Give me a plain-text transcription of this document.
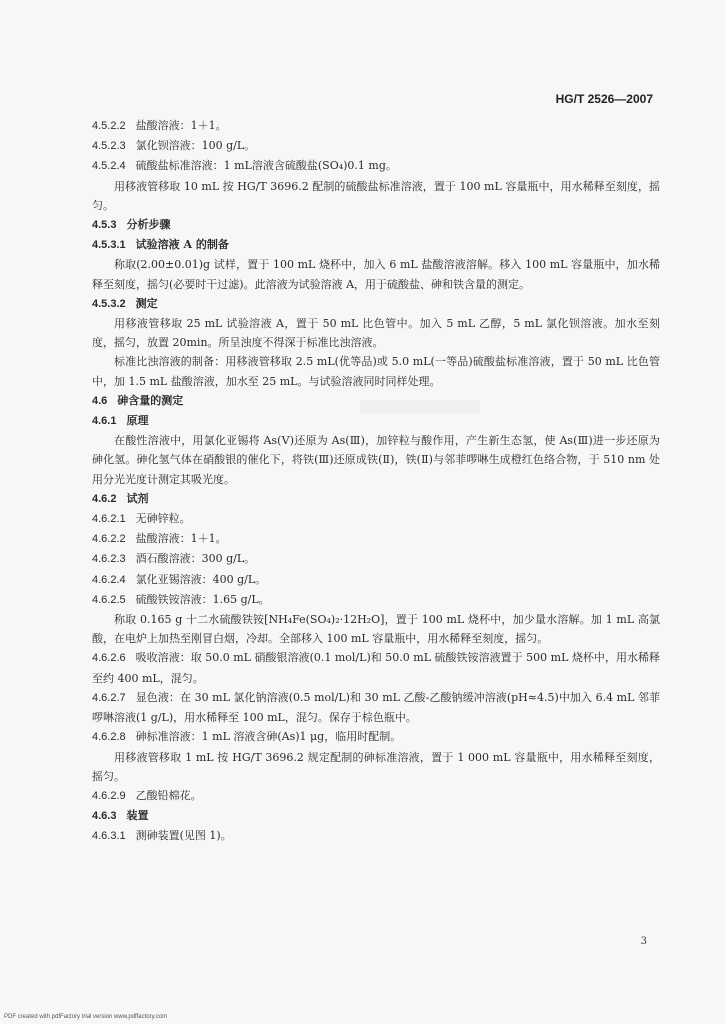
HG/T 2526—2007
4.5.2.2 盐酸溶液：1＋1。
4.5.2.3 氯化钡溶液：100 g/L。
4.5.2.4 硫酸盐标准溶液：1 mL溶液含硫酸盐(SO₄)0.1 mg。
用移液管移取 10 mL 按 HG/T 3696.2 配制的硫酸盐标准溶液，置于 100 mL 容量瓶中，用水稀释至刻度，摇匀。
4.5.3 分析步骤
4.5.3.1 试验溶液 A 的制备
称取(2.00±0.01)g 试样，置于 100 mL 烧杯中，加入 6 mL 盐酸溶液溶解。移入 100 mL 容量瓶中，加水稀释至刻度，摇匀(必要时干过滤)。此溶液为试验溶液 A，用于硫酸盐、砷和铁含量的测定。
4.5.3.2 测定
用移液管移取 25 mL 试验溶液 A，置于 50 mL 比色管中。加入 5 mL 乙醇，5 mL 氯化钡溶液。加水至刻度，摇匀，放置 20min。所呈浊度不得深于标准比浊溶液。
标准比浊溶液的制备：用移液管移取 2.5 mL(优等品)或 5.0 mL(一等品)硫酸盐标准溶液，置于 50 mL 比色管中，加 1.5 mL 盐酸溶液，加水至 25 mL。与试验溶液同时同样处理。
4.6 砷含量的测定
4.6.1 原理
在酸性溶液中，用氯化亚锡将 As(Ⅴ)还原为 As(Ⅲ)，加锌粒与酸作用，产生新生态氢，使 As(Ⅲ)进一步还原为砷化氢。砷化氢气体在硝酸银的催化下，将铁(Ⅲ)还原成铁(Ⅱ)，铁(Ⅱ)与邻菲啰啉生成橙红色络合物，于 510 nm 处用分光光度计测定其吸光度。
4.6.2 试剂
4.6.2.1 无砷锌粒。
4.6.2.2 盐酸溶液：1＋1。
4.6.2.3 酒石酸溶液：300 g/L。
4.6.2.4 氯化亚锡溶液：400 g/L。
4.6.2.5 硫酸铁铵溶液：1.65 g/L。
称取 0.165 g 十二水硫酸铁铵[NH₄Fe(SO₄)₂·12H₂O]，置于 100 mL 烧杯中，加少量水溶解。加 1 mL 高氯酸，在电炉上加热至刚冒白烟，冷却。全部移入 100 mL 容量瓶中，用水稀释至刻度，摇匀。
4.6.2.6 吸收溶液：取 50.0 mL 硝酸银溶液(0.1 mol/L)和 50.0 mL 硫酸铁铵溶液置于 500 mL 烧杯中，用水稀释至约 400 mL，混匀。
4.6.2.7 显色液：在 30 mL 氯化钠溶液(0.5 mol/L)和 30 mL 乙酸-乙酸钠缓冲溶液(pH≈4.5)中加入 6.4 mL 邻菲啰啉溶液(1 g/L)，用水稀释至 100 mL，混匀。保存于棕色瓶中。
4.6.2.8 砷标准溶液：1 mL 溶液含砷(As)1 μg，临用时配制。
用移液管移取 1 mL 按 HG/T 3696.2 规定配制的砷标准溶液，置于 1 000 mL 容量瓶中，用水稀释至刻度，摇匀。
4.6.2.9 乙酸铅棉花。
4.6.3 装置
4.6.3.1 测砷装置(见图 1)。
3
PDF created with pdfFactory trial version www.pdffactory.com
